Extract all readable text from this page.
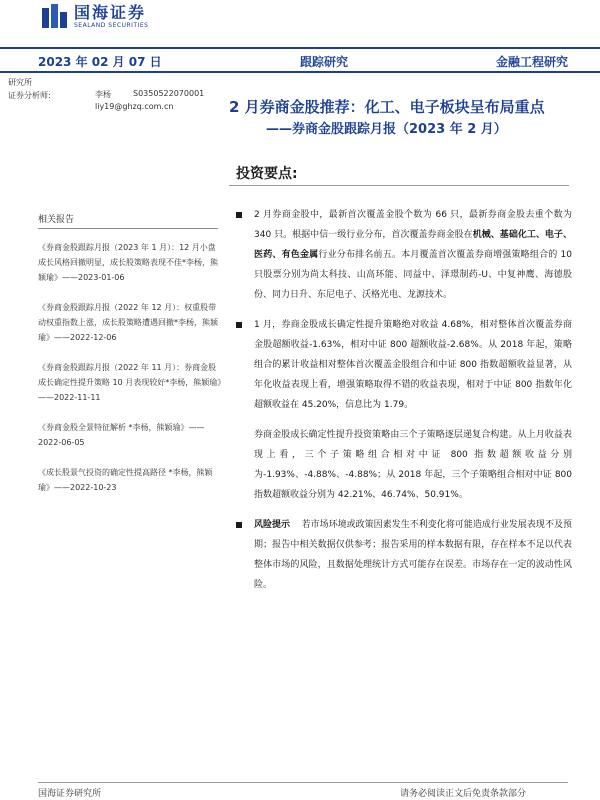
国海证券
SEALAND SECURITIES
2023 年 02 月 07 日	跟踪研究	金融工程研究
研究所
证券分析师:	李杨	S0350522070001
liy19@ghzq.com.cn
相关报告
《券商金股跟踪月报（2023 年 1 月）：12 月小盘成长风格回撤明显，成长股策略表现不佳*李杨，熊颖瑜》——2023-01-06
《券商金股跟踪月报（2022 年 12 月）：权重股带动权重指数上涨，成长股策略遭遇回撤*李杨，熊颖瑜》——2022-12-06
《券商金股跟踪月报（2022 年 11 月）：券商金股成长确定性提升策略 10 月表现较好*李杨，熊颖瑜》——2022-11-11
《券商金股全景特征解析 *李杨，熊颖瑜》——2022-06-05
《成长股景气投资的确定性提高路径 *李杨，熊颖瑜》——2022-10-23
2 月券商金股推荐：化工、电子板块呈布局重点
——券商金股跟踪月报（2023 年 2 月）
投资要点:
2 月券商金股中，最新首次覆盖金股个数为 66 只，最新券商金股去重个数为 340 只。根据中信一级行业分布，首次覆盖券商金股在机械、基础化工、电子、医药、有色金属行业分布排名前五。本月覆盖首次覆盖券商增强策略组合的 10 只股票分别为尚太科技、山高环能、同益中、泽璟制药-U、中复神鹰、海德股份、同力日升、东尼电子、沃格光电、龙源技术。
1 月，券商金股成长确定性提升策略绝对收益 4.68%，相对整体首次覆盖券商金股超额收益-1.63%，相对中证 800 超额收益-2.68%。从 2018 年起，策略组合的累计收益相对整体首次覆盖金股组合和中证 800 指数超额收益显著，从年化收益表现上看，增强策略取得不错的收益表现，相对于中证 800 指数年化超额收益在 45.20%，信息比为 1.79。
券商金股成长确定性提升投资策略由三个子策略逐层递复合构建。从上月收益表现上看，三个子策略组合相对中证 800 指数超额收益分别为-1.93%、-4.88%、-4.88%；从 2018 年起，三个子策略组合相对中证 800 指数超额收益分别为 42.21%、46.74%、50.91%。
风险提示 若市场环境或政策因素发生不利变化将可能造成行业发展表现不及预期；报告中相关数据仅供参考；报告采用的样本数据有限，存在样本不足以代表整体市场的风险，且数据处理统计方式可能存在误差。市场存在一定的波动性风险。
国海证券研究所	请务必阅读正文后免责条款部分
